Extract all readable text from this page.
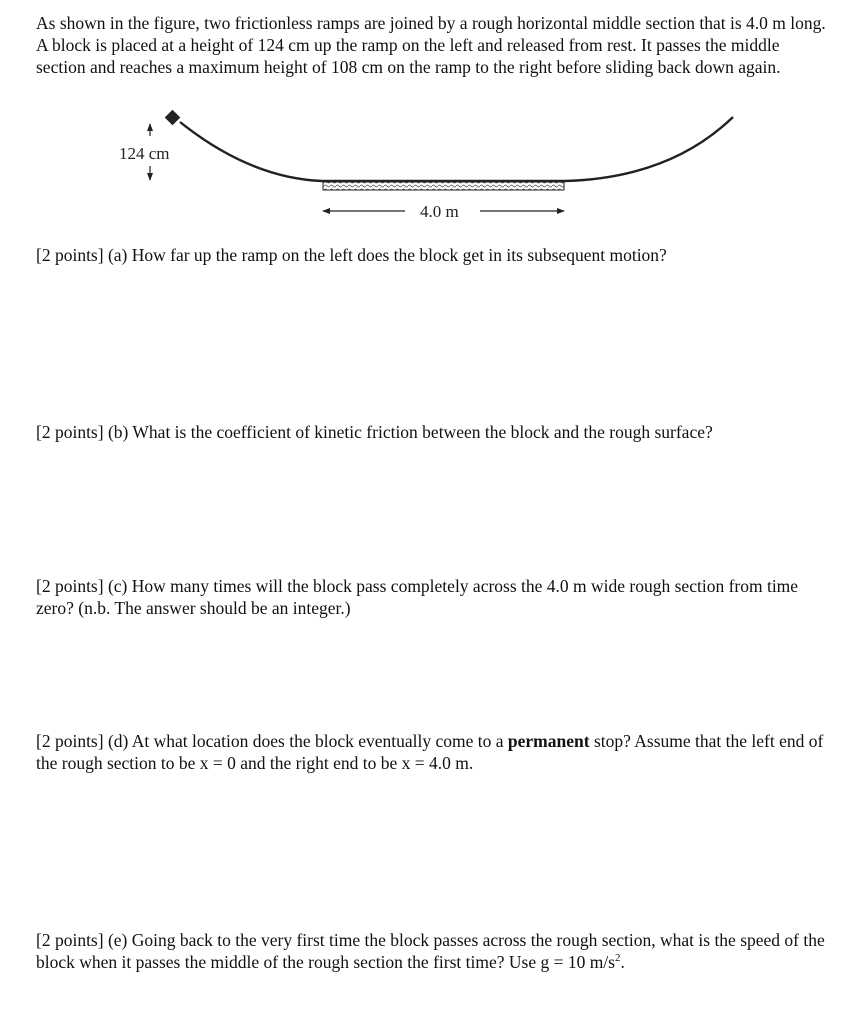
As shown in the figure, two frictionless ramps are joined by a rough horizontal middle section that is 4.0 m long. A block is placed at a height of 124 cm up the ramp on the left and released from rest. It passes the middle section and reaches a maximum height of 108 cm on the ramp to the right before sliding back down again.

124 cm
4.0 m

[2 points] (a) How far up the ramp on the left does the block get in its subsequent motion?

[2 points] (b) What is the coefficient of kinetic friction between the block and the rough surface?

[2 points] (c) How many times will the block pass completely across the 4.0 m wide rough section from time zero? (n.b. The answer should be an integer.)

[2 points] (d) At what location does the block eventually come to a permanent stop? Assume that the left end of the rough section to be x = 0 and the right end to be x = 4.0 m.

[2 points] (e) Going back to the very first time the block passes across the rough section, what is the speed of the block when it passes the middle of the rough section the first time? Use g = 10 $m/s^2$.
